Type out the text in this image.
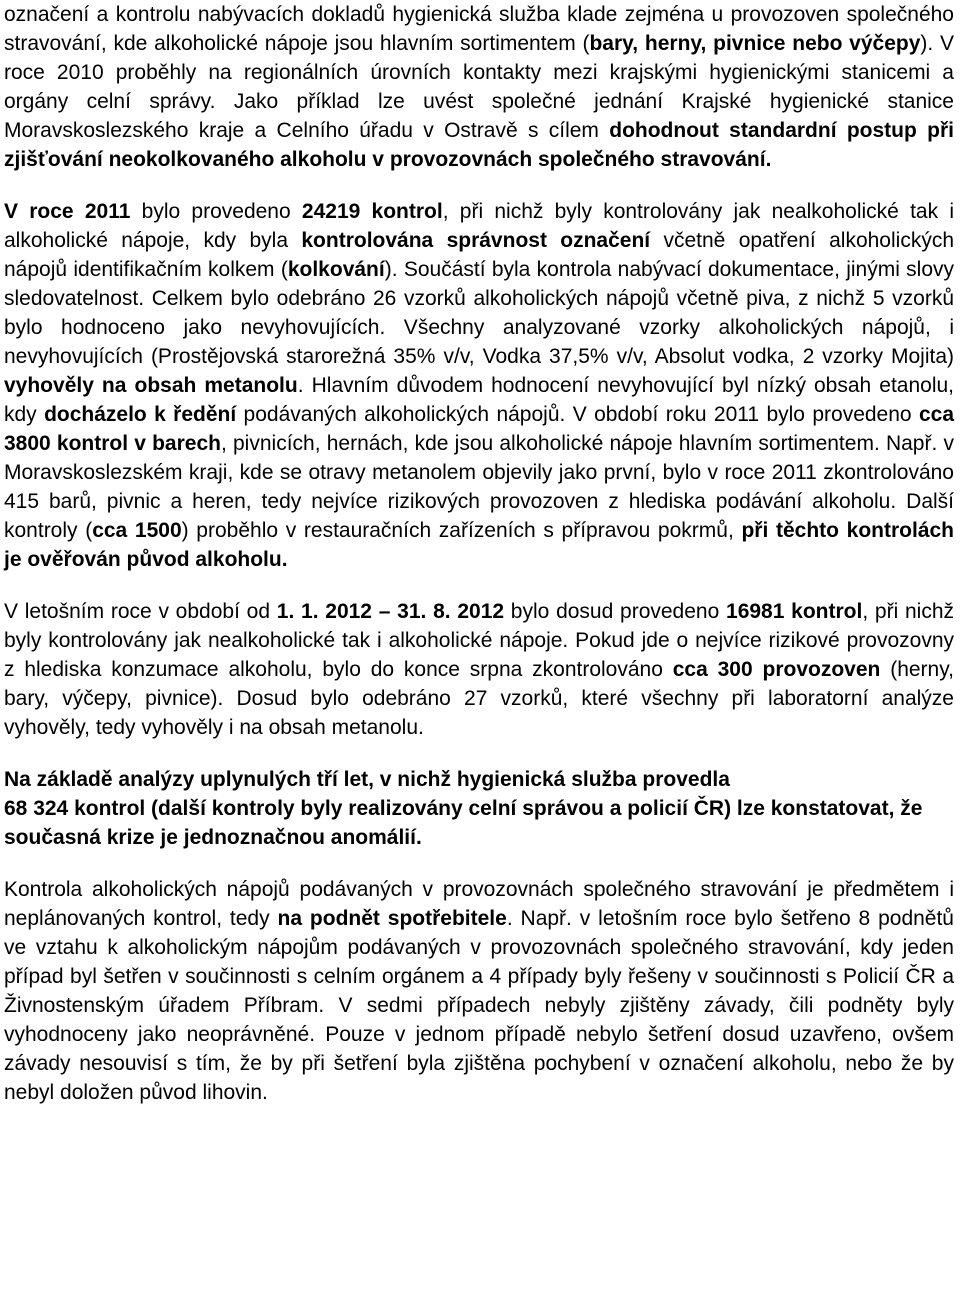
označení a kontrolu nabývacích dokladů hygienická služba klade zejména u provozoven společného stravování, kde alkoholické nápoje jsou hlavním sortimentem (bary, herny, pivnice nebo výčepy). V roce 2010 proběhly na regionálních úrovních kontakty mezi krajskými hygienickými stanicemi a orgány celní správy. Jako příklad lze uvést společné jednání Krajské hygienické stanice Moravskoslezského kraje a Celního úřadu v Ostravě s cílem dohodnout standardní postup při zjišťování neokolkovaného alkoholu v provozovnách společného stravování.

V roce 2011 bylo provedeno 24219 kontrol, při nichž byly kontrolovány jak nealkoholické tak i alkoholické nápoje, kdy byla kontrolována správnost označení včetně opatření alkoholických nápojů identifikačním kolkem (kolkování). Součástí byla kontrola nabývací dokumentace, jinými slovy sledovatelnost. Celkem bylo odebráno 26 vzorků alkoholických nápojů včetně piva, z nichž 5 vzorků bylo hodnoceno jako nevyhovujících. Všechny analyzované vzorky alkoholických nápojů, i nevyhovujících (Prostějovská starorežná 35% v/v, Vodka 37,5% v/v, Absolut vodka, 2 vzorky Mojita) vyhověly na obsah metanolu. Hlavním důvodem hodnocení nevyhovující byl nízký obsah etanolu, kdy docházelo k ředění podávaných alkoholických nápojů. V období roku 2011 bylo provedeno cca 3800 kontrol v barech, pivnicích, hernách, kde jsou alkoholické nápoje hlavním sortimentem. Např. v Moravskoslezském kraji, kde se otravy metanolem objevily jako první, bylo v roce 2011 zkontrolováno 415 barů, pivnic a heren, tedy nejvíce rizikových provozoven z hlediska podávání alkoholu. Další kontroly (cca 1500) proběhlo v restauračních zařízeních s přípravou pokrmů, při těchto kontrolách je ověřován původ alkoholu.

V letošním roce v období od 1. 1. 2012 – 31. 8. 2012 bylo dosud provedeno 16981 kontrol, při nichž byly kontrolovány jak nealkoholické tak i alkoholické nápoje. Pokud jde o nejvíce rizikové provozovny z hlediska konzumace alkoholu, bylo do konce srpna zkontrolováno cca 300 provozoven (herny, bary, výčepy, pivnice). Dosud bylo odebráno 27 vzorků, které všechny při laboratorní analýze vyhověly, tedy vyhověly i na obsah metanolu.

Na základě analýzy uplynulých tří let, v nichž hygienická služba provedla
68 324 kontrol (další kontroly byly realizovány celní správou a policií ČR) lze konstatovat, že současná krize je jednoznačnou anomálií.

Kontrola alkoholických nápojů podávaných v provozovnách společného stravování je předmětem i neplánovaných kontrol, tedy na podnět spotřebitele. Např. v letošním roce bylo šetřeno 8 podnětů ve vztahu k alkoholickým nápojům podávaných v provozovnách společného stravování, kdy jeden případ byl šetřen v součinnosti s celním orgánem a 4 případy byly řešeny v součinnosti s Policií ČR a Živnostenským úřadem Příbram. V sedmi případech nebyly zjištěny závady, čili podněty byly vyhodnoceny jako neoprávněné. Pouze v jednom případě nebylo šetření dosud uzavřeno, ovšem závady nesouvisí s tím, že by při šetření byla zjištěna pochybení v označení alkoholu, nebo že by nebyl doložen původ lihovin.
